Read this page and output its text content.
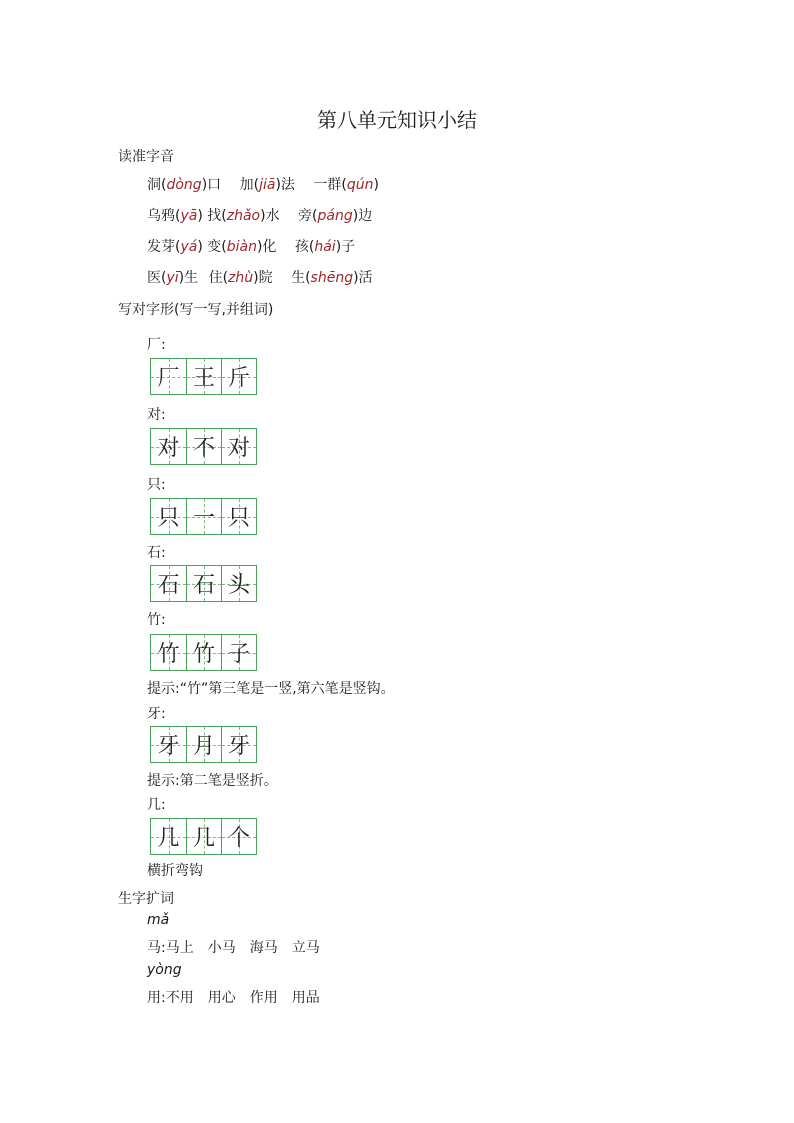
第八单元知识小结
读准字音
洞(dòng)口 加(jiā)法 一群(qún)
乌鸦(yā) 找(zhǎo)水 旁(páng)边
发芽(yá) 变(biàn)化 孩(hái)子
医(yī)生 住(zhù)院 生(shēng)活
写对字形(写一写,并组词)
厂:
厂 王 斤
对:
对 不 对
只:
只 一 只
石:
石 石 头
竹:
竹 竹 子
提示:“竹”第三笔是一竖,第六笔是竖钩。
牙:
牙 月 牙
提示:第二笔是竖折。
几:
几 几 个
横折弯钩
生字扩词
mǎ
马:马上　小马　海马　立马
yòng
用:不用　用心　作用　用品
